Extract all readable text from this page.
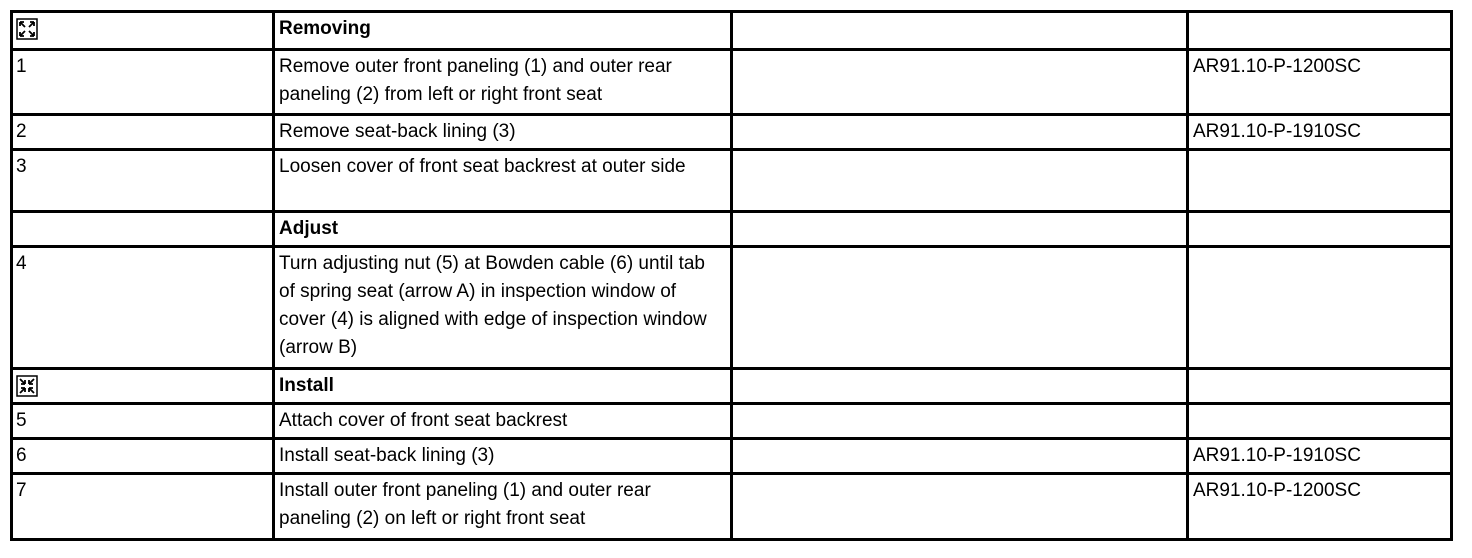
	Removing		
1	Remove outer front paneling (1) and outer rear paneling (2) from left or right front seat		AR91.10-P-1200SC
2	Remove seat-back lining (3)		AR91.10-P-1910SC
3	Loosen cover of front seat backrest at outer side		
	Adjust		
4	Turn adjusting nut (5) at Bowden cable (6) until tab of spring seat (arrow A) in inspection window of cover (4) is aligned with edge of inspection window (arrow B)		

	Install		
5	Attach cover of front seat backrest		
6	Install seat-back lining (3)		AR91.10-P-1910SC
7	Install outer front paneling (1) and outer rear paneling (2) on left or right front seat		AR91.10-P-1200SC
